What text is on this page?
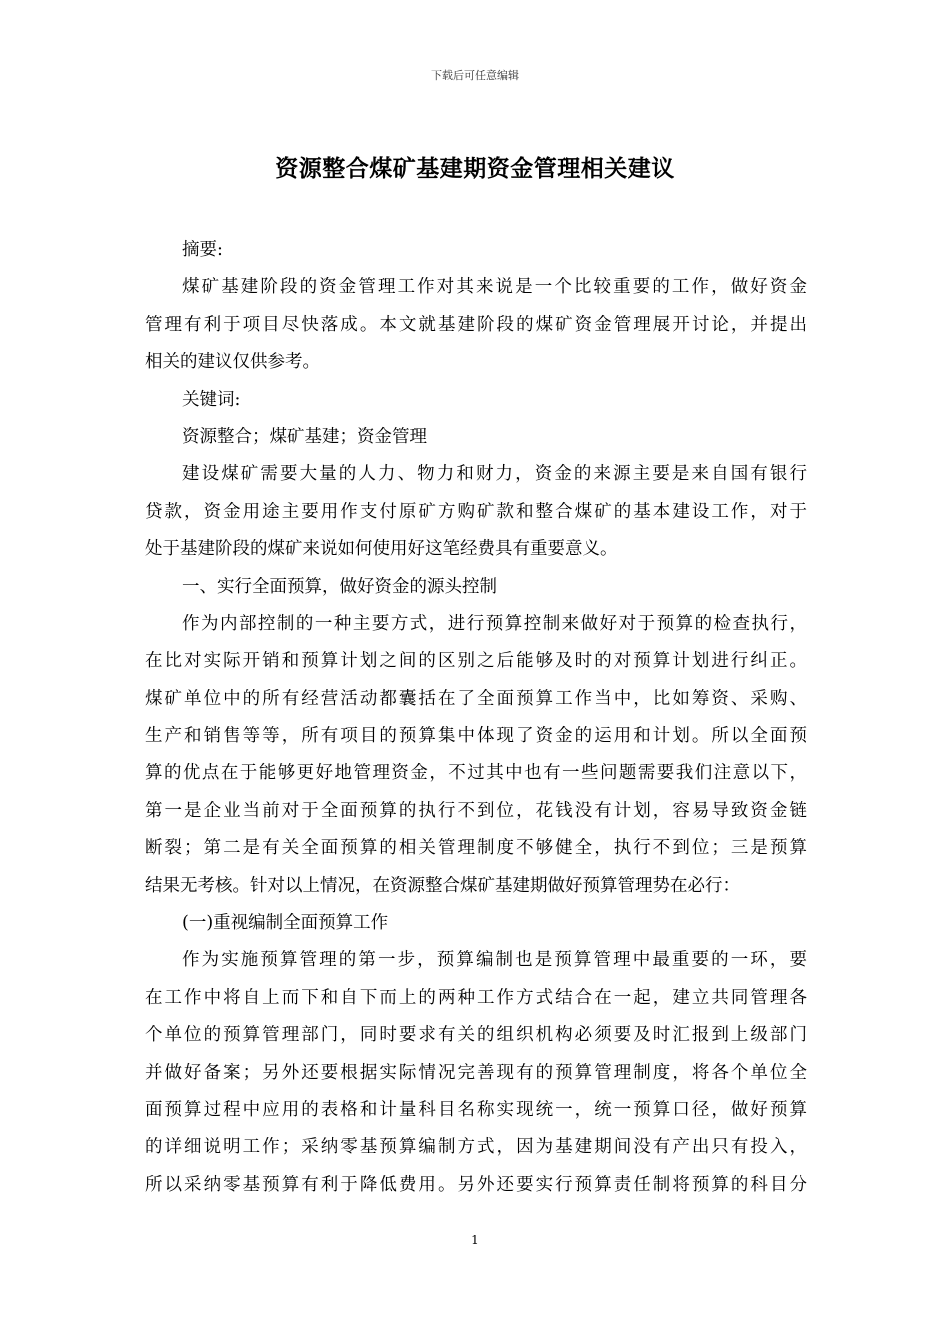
下载后可任意编辑
资源整合煤矿基建期资金管理相关建议
摘要:
煤矿基建阶段的资金管理工作对其来说是一个比较重要的工作，做好资金
管理有利于项目尽快落成。本文就基建阶段的煤矿资金管理展开讨论，并提出
相关的建议仅供参考。
关键词:
资源整合；煤矿基建；资金管理
建设煤矿需要大量的人力、物力和财力，资金的来源主要是来自国有银行
贷款，资金用途主要用作支付原矿方购矿款和整合煤矿的基本建设工作，对于
处于基建阶段的煤矿来说如何使用好这笔经费具有重要意义。
一、实行全面预算，做好资金的源头控制
作为内部控制的一种主要方式，进行预算控制来做好对于预算的检查执行，
在比对实际开销和预算计划之间的区别之后能够及时的对预算计划进行纠正。
煤矿单位中的所有经营活动都囊括在了全面预算工作当中，比如筹资、采购、
生产和销售等等，所有项目的预算集中体现了资金的运用和计划。所以全面预
算的优点在于能够更好地管理资金，不过其中也有一些问题需要我们注意以下，
第一是企业当前对于全面预算的执行不到位，花钱没有计划，容易导致资金链
断裂；第二是有关全面预算的相关管理制度不够健全，执行不到位；三是预算
结果无考核。针对以上情况，在资源整合煤矿基建期做好预算管理势在必行：
(一)重视编制全面预算工作
作为实施预算管理的第一步，预算编制也是预算管理中最重要的一环，要
在工作中将自上而下和自下而上的两种工作方式结合在一起，建立共同管理各
个单位的预算管理部门，同时要求有关的组织机构必须要及时汇报到上级部门
并做好备案；另外还要根据实际情况完善现有的预算管理制度，将各个单位全
面预算过程中应用的表格和计量科目名称实现统一，统一预算口径，做好预算
的详细说明工作；采纳零基预算编制方式，因为基建期间没有产出只有投入，
所以采纳零基预算有利于降低费用。另外还要实行预算责任制将预算的科目分
1
